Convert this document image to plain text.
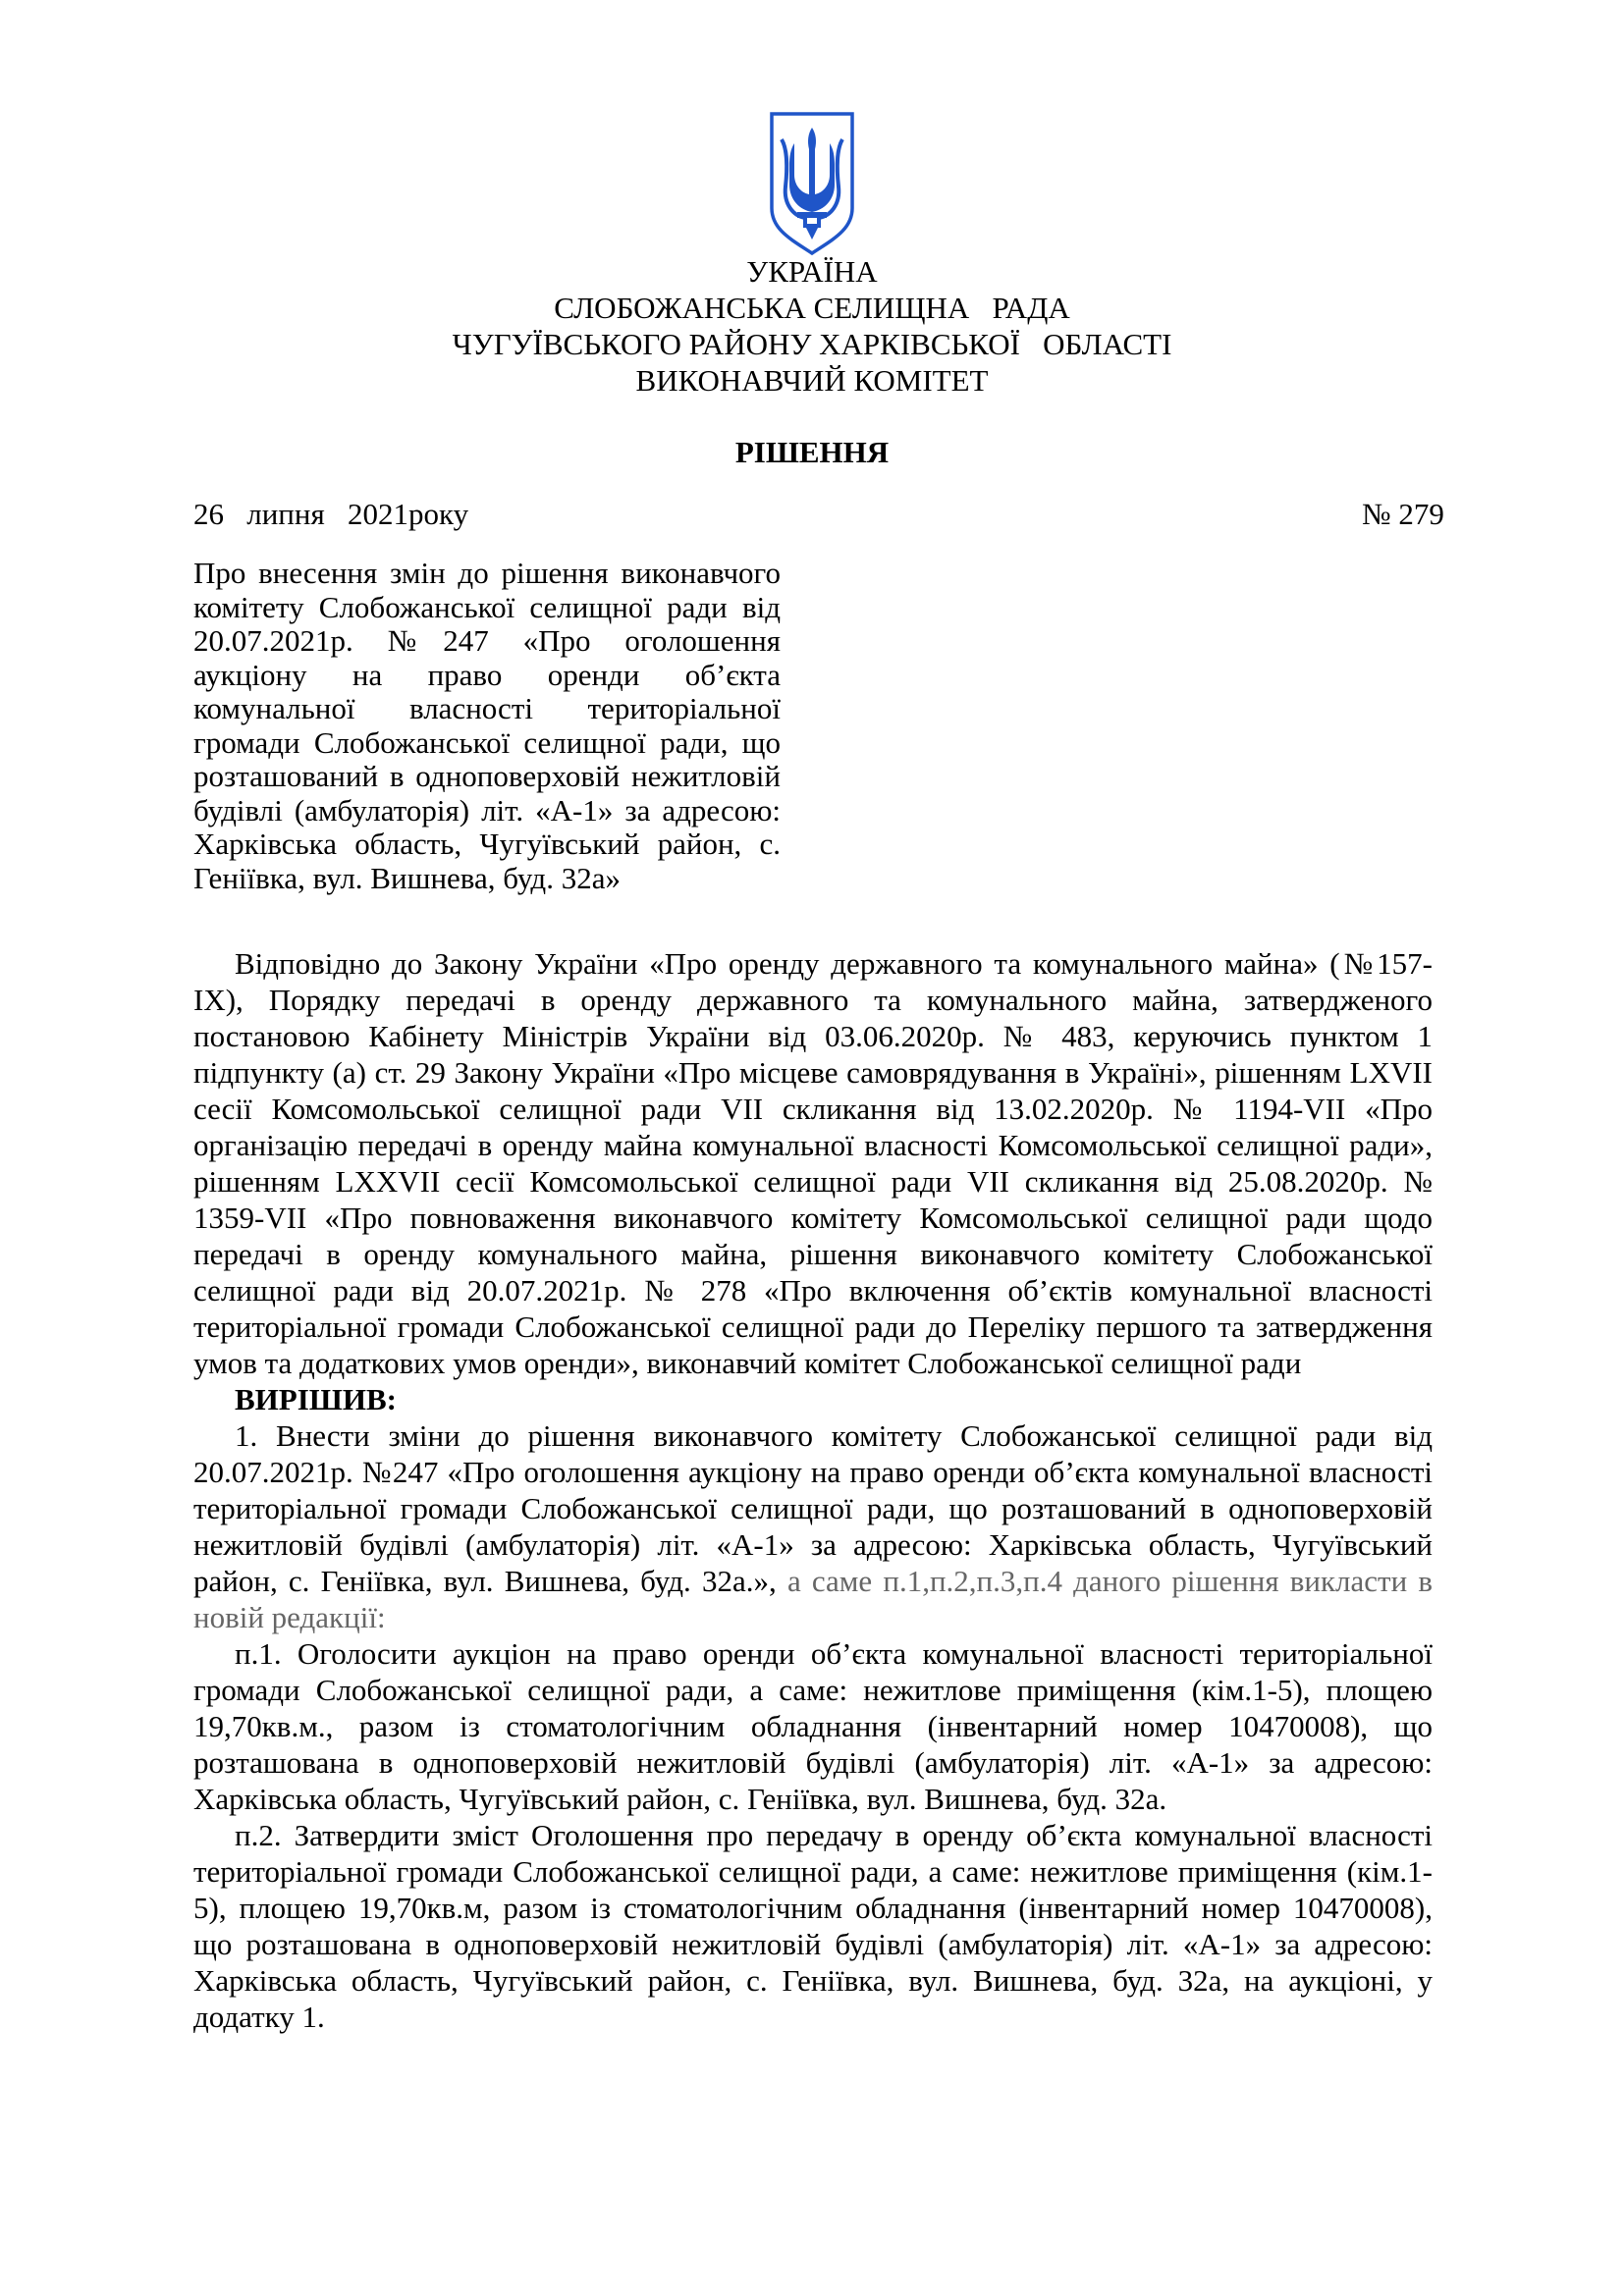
УКРАЇНА
СЛОБОЖАНСЬКА СЕЛИЩНА   РАДА
ЧУГУЇВСЬКОГО РАЙОНУ ХАРКІВСЬКОЇ   ОБЛАСТІ
ВИКОНАВЧИЙ КОМІТЕТ
РІШЕННЯ
26   липня   2021року	№ 279
Про внесення змін до рішення виконавчого комітету Слобожанської селищної ради від 20.07.2021р. №247 «Про оголошення аукціону на право оренди об’єкта комунальної власності територіальної громади Слобожанської селищної ради, що розташований в одноповерховій нежитловій будівлі (амбулаторія) літ. «А-1» за адресою: Харківська область, Чугуївський район, с. Геніївка, вул. Вишнева, буд. 32а»

Відповідно до Закону України «Про оренду державного та комунального майна» (№157- IX), Порядку передачі в оренду державного та комунального майна, затвердженого постановою Кабінету Міністрів України від 03.06.2020р. № 483, керуючись пунктом 1 підпункту (а) ст. 29 Закону України «Про місцеве самоврядування в Україні», рішенням LXVII сесії Комсомольської селищної ради VII скликання від 13.02.2020р. № 1194-VII «Про організацію передачі в оренду майна комунальної власності Комсомольської селищної ради», рішенням LXXVII сесії Комсомольської селищної ради VII скликання від 25.08.2020р. № 1359-VII «Про повноваження виконавчого комітету Комсомольської селищної ради щодо передачі в оренду комунального майна, рішення виконавчого комітету Слобожанської селищної ради від 20.07.2021р. № 278 «Про включення об’єктів комунальної власності територіальної громади Слобожанської селищної ради до Переліку першого та затвердження умов та додаткових умов оренди», виконавчий комітет Слобожанської селищної ради

ВИРІШИВ:

1. Внести зміни до рішення виконавчого комітету Слобожанської селищної ради від 20.07.2021р. №247 «Про оголошення аукціону на право оренди об’єкта комунальної власності територіальної громади Слобожанської селищної ради, що розташований в одноповерховій нежитловій будівлі (амбулаторія) літ. «А-1» за адресою: Харківська область, Чугуївський район, с. Геніївка, вул. Вишнева, буд. 32а.», а саме п.1,п.2,п.3,п.4 даного рішення викласти в новій редакції:

п.1. Оголосити аукціон на право оренди об’єкта комунальної власності територіальної громади Слобожанської селищної ради, а саме: нежитлове приміщення (кім.1-5), площею 19,70кв.м., разом із стоматологічним обладнання (інвентарний номер 10470008), що розташована в одноповерховій нежитловій будівлі (амбулаторія) літ. «А-1» за адресою: Харківська область, Чугуївський район, с. Геніївка, вул. Вишнева, буд. 32а.

п.2. Затвердити зміст Оголошення про передачу в оренду об’єкта комунальної власності територіальної громади Слобожанської селищної ради, а саме: нежитлове приміщення (кім.1-5), площею 19,70кв.м, разом із стоматологічним обладнання (інвентарний номер 10470008), що розташована в одноповерховій нежитловій будівлі (амбулаторія) літ. «А-1» за адресою: Харківська область, Чугуївський район, с. Геніївка, вул. Вишнева, буд. 32а, на аукціоні, у додатку 1.
